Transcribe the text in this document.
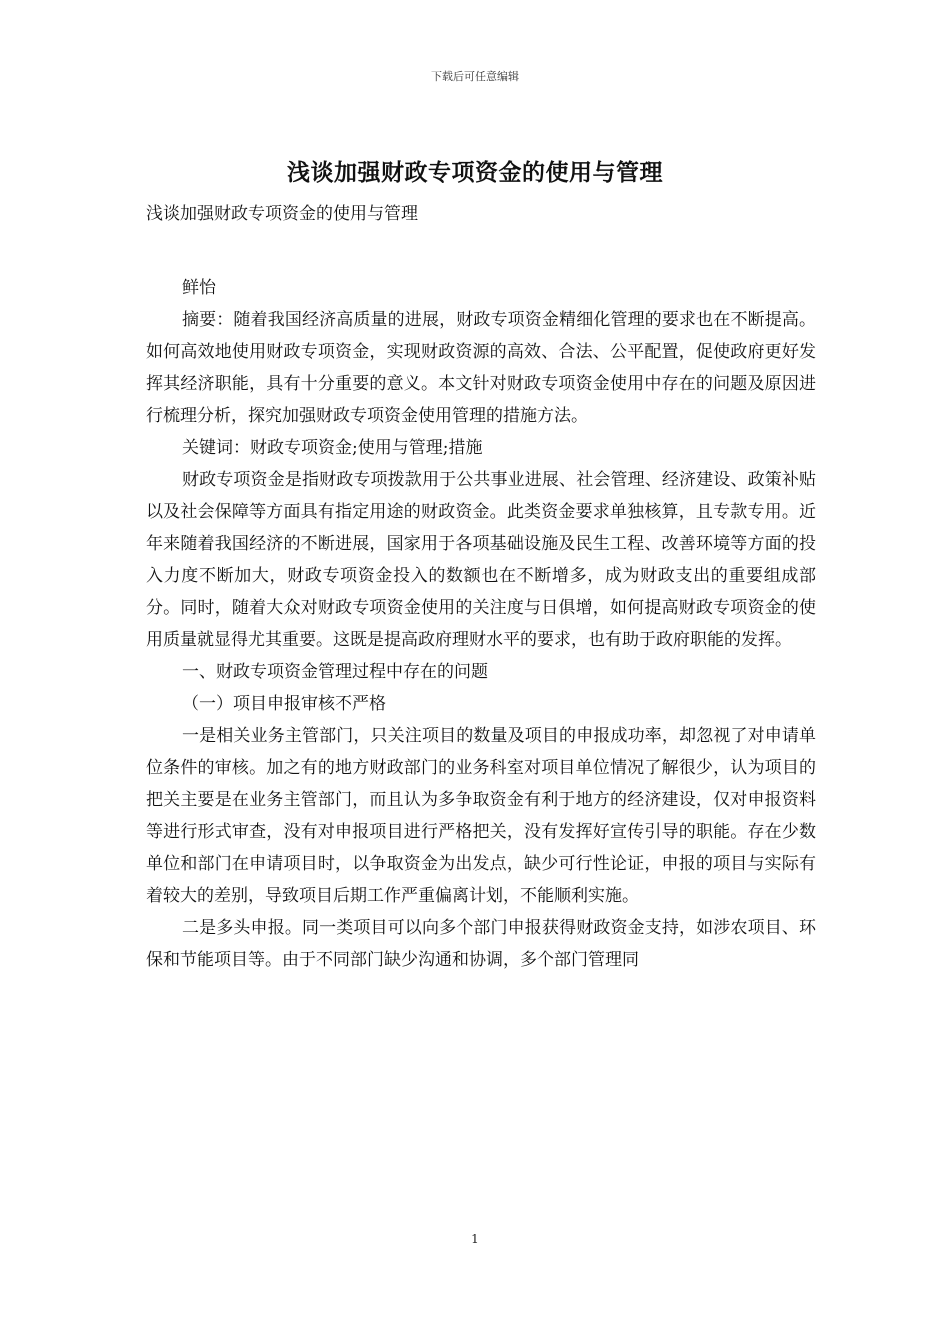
下载后可任意编辑
浅谈加强财政专项资金的使用与管理

浅谈加强财政专项资金的使用与管理

鲜怡

摘要：随着我国经济高质量的进展，财政专项资金精细化管理的要求也在不断提高。如何高效地使用财政专项资金，实现财政资源的高效、合法、公平配置，促使政府更好发挥其经济职能，具有十分重要的意义。本文针对财政专项资金使用中存在的问题及原因进行梳理分析，探究加强财政专项资金使用管理的措施方法。

关键词：财政专项资金;使用与管理;措施

财政专项资金是指财政专项拨款用于公共事业进展、社会管理、经济建设、政策补贴以及社会保障等方面具有指定用途的财政资金。此类资金要求单独核算，且专款专用。近年来随着我国经济的不断进展，国家用于各项基础设施及民生工程、改善环境等方面的投入力度不断加大，财政专项资金投入的数额也在不断增多，成为财政支出的重要组成部分。同时，随着大众对财政专项资金使用的关注度与日俱增，如何提高财政专项资金的使用质量就显得尤其重要。这既是提高政府理财水平的要求，也有助于政府职能的发挥。

一、财政专项资金管理过程中存在的问题

（一）项目申报审核不严格

一是相关业务主管部门，只关注项目的数量及项目的申报成功率，却忽视了对申请单位条件的审核。加之有的地方财政部门的业务科室对项目单位情况了解很少，认为项目的把关主要是在业务主管部门，而且认为多争取资金有利于地方的经济建设，仅对申报资料等进行形式审查，没有对申报项目进行严格把关，没有发挥好宣传引导的职能。存在少数单位和部门在申请项目时，以争取资金为出发点，缺少可行性论证，申报的项目与实际有着较大的差别，导致项目后期工作严重偏离计划，不能顺利实施。

二是多头申报。同一类项目可以向多个部门申报获得财政资金支持，如涉农项目、环保和节能项目等。由于不同部门缺少沟通和协调，多个部门管理同

1
